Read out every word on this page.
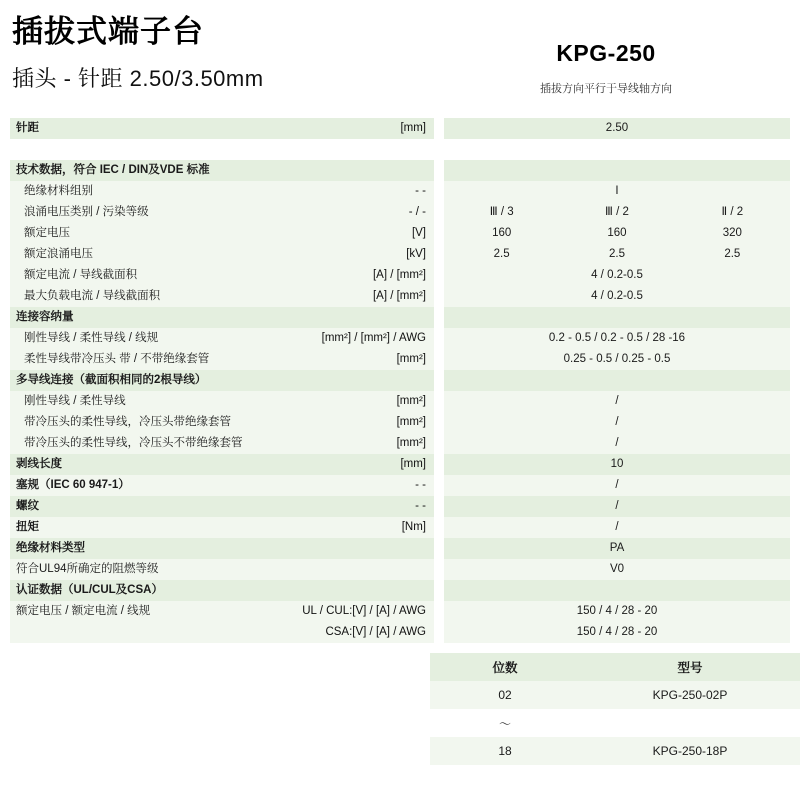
插拔式端子台
插头 - 针距 2.50/3.50mm
KPG-250
插拔方向平行于导线轴方向
针距	[mm]		2.50

技术数据，符合 IEC / DIN及VDE 标准			
绝缘材料组别	- -		I
浪涌电压类别 / 污染等级	- / -		Ⅲ / 3 Ⅲ / 2 Ⅱ / 2

额定电压	[V]		160 160 320

额定浪涌电压	[kV]		2.5 2.5 2.5

额定电流 / 导线截面积	[A] / [mm²]		4 / 0.2-0.5
最大负载电流 / 导线截面积	[A] / [mm²]		4 / 0.2-0.5
连接容纳量			
刚性导线 / 柔性导线 / 线规	[mm²] / [mm²] / AWG		0.2 - 0.5 / 0.2 - 0.5 / 28 -16
柔性导线带冷压头 带 / 不带绝缘套管	[mm²]		0.25 - 0.5 / 0.25 - 0.5
多导线连接（截面积相同的2根导线）			
刚性导线 / 柔性导线	[mm²]		/
带冷压头的柔性导线，冷压头带绝缘套管	[mm²]		/
带冷压头的柔性导线，冷压头不带绝缘套管	[mm²]		/
剥线长度	[mm]		10
塞规（IEC 60 947-1）	- -		/
螺纹	- -		/
扭矩	[Nm]		/
绝缘材料类型			PA
符合UL94所确定的阻燃等级			V0
认证数据（UL/CUL及CSA）			
额定电压 / 额定电流 / 线规	UL / CUL:[V] / [A] / AWG		150 / 4 / 28 - 20
	CSA:[V] / [A] / AWG		150 / 4 / 28 - 20
位数	型号
02	KPG-250-02P
〜	
18	KPG-250-18P
